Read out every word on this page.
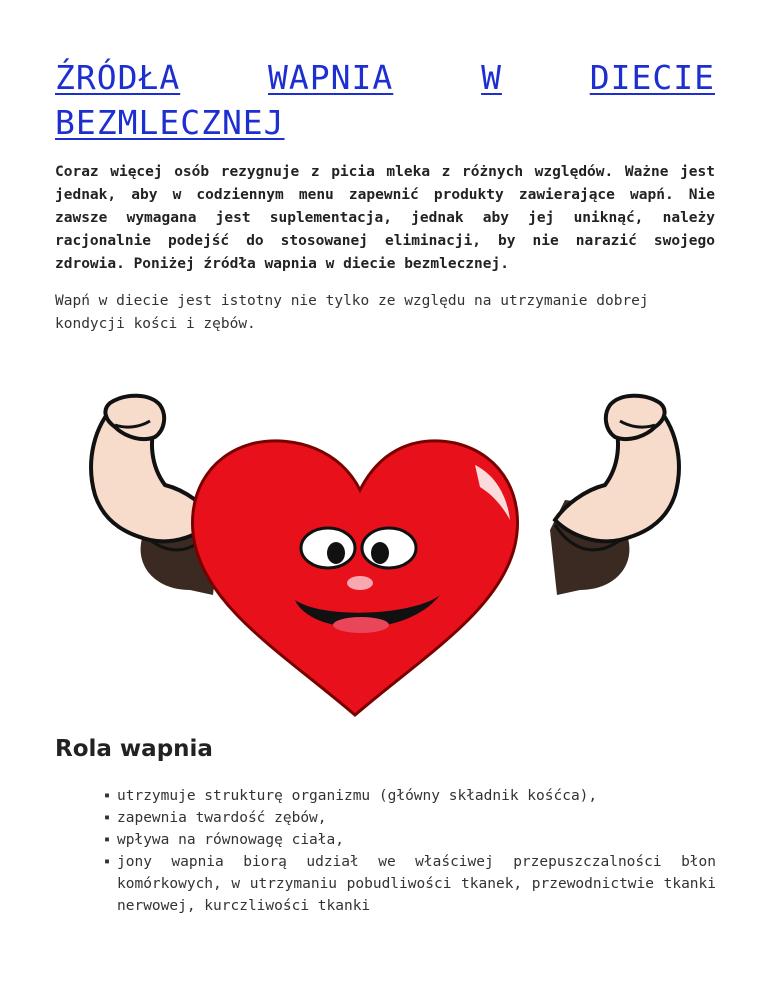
ŹRÓDŁA	WAPNIA	W	DIECIE
BEZMLECZNEJ

Coraz więcej osób rezygnuje z picia mleka z różnych względów. Ważne jest jednak, aby w codziennym menu zapewnić produkty zawierające wapń. Nie zawsze wymagana jest suplementacja, jednak aby jej uniknąć, należy racjonalnie podejść do stosowanej eliminacji, by nie narazić swojego zdrowia. Poniżej źródła wapnia w diecie bezmlecznej.

Wapń w diecie jest istotny nie tylko ze względu na utrzymanie dobrej kondycji kości i zębów.

Rola wapnia
▪ utrzymuje strukturę organizmu (główny składnik kośćca),
▪ zapewnia twardość zębów,
▪ wpływa na równowagę ciała,
▪ jony wapnia biorą udział we właściwej przepuszczalności błon komórkowych, w utrzymaniu pobudliwości tkanek, przewodnictwie tkanki nerwowej, kurczliwości tkanki
